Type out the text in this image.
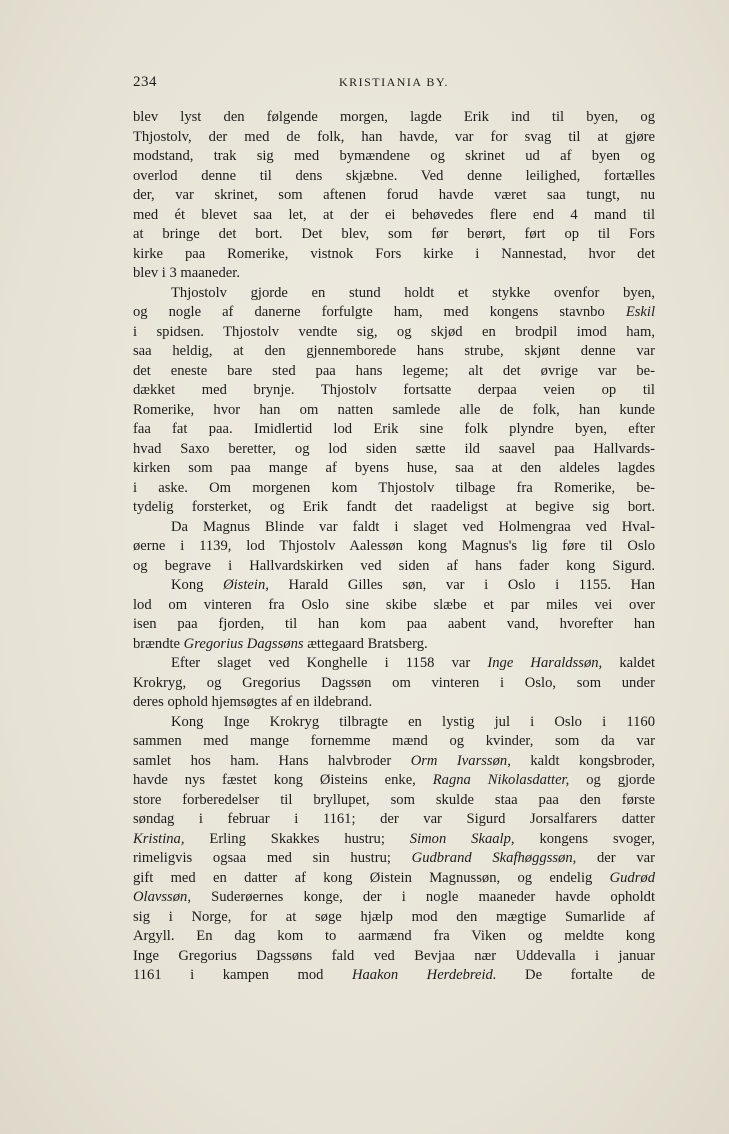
234	KRISTIANIA BY.
blev lyst den følgende morgen, lagde Erik ind til byen, og
Thjostolv, der med de folk, han havde, var for svag til at gjøre
modstand, trak sig med bymændene og skrinet ud af byen og
overlod denne til dens skjæbne. Ved denne leilighed, fortælles
der, var skrinet, som aftenen forud havde været saa tungt, nu
med ét blevet saa let, at der ei behøvedes flere end 4 mand til
at bringe det bort. Det blev, som før berørt, ført op til Fors
kirke paa Romerike, vistnok Fors kirke i Nannestad, hvor det
blev i 3 maaneder.
Thjostolv gjorde en stund holdt et stykke ovenfor byen,
og nogle af danerne forfulgte ham, med kongens stavnbo Eskil
i spidsen. Thjostolv vendte sig, og skjød en brodpil imod ham,
saa heldig, at den gjennemborede hans strube, skjønt denne var
det eneste bare sted paa hans legeme; alt det øvrige var be-
dækket med brynje. Thjostolv fortsatte derpaa veien op til
Romerike, hvor han om natten samlede alle de folk, han kunde
faa fat paa. Imidlertid lod Erik sine folk plyndre byen, efter
hvad Saxo beretter, og lod siden sætte ild saavel paa Hallvards-
kirken som paa mange af byens huse, saa at den aldeles lagdes
i aske. Om morgenen kom Thjostolv tilbage fra Romerike, be-
tydelig forsterket, og Erik fandt det raadeligst at begive sig bort.
Da Magnus Blinde var faldt i slaget ved Holmengraa ved Hval-
øerne i 1139, lod Thjostolv Aalessøn kong Magnus's lig føre til Oslo
og begrave i Hallvardskirken ved siden af hans fader kong Sigurd.
Kong Øistein, Harald Gilles søn, var i Oslo i 1155. Han
lod om vinteren fra Oslo sine skibe slæbe et par miles vei over
isen paa fjorden, til han kom paa aabent vand, hvorefter han
brændte Gregorius Dagssøns ættegaard Bratsberg.
Efter slaget ved Konghelle i 1158 var Inge Haraldssøn, kaldet
Krokryg, og Gregorius Dagssøn om vinteren i Oslo, som under
deres ophold hjemsøgtes af en ildebrand.
Kong Inge Krokryg tilbragte en lystig jul i Oslo i 1160
sammen med mange fornemme mænd og kvinder, som da var
samlet hos ham. Hans halvbroder Orm Ivarssøn, kaldt kongsbroder,
havde nys fæstet kong Øisteins enke, Ragna Nikolasdatter, og gjorde
store forberedelser til bryllupet, som skulde staa paa den første
søndag i februar i 1161; der var Sigurd Jorsalfarers datter
Kristina, Erling Skakkes hustru; Simon Skaalp, kongens svoger,
rimeligvis ogsaa med sin hustru; Gudbrand Skafhøggssøn, der var
gift med en datter af kong Øistein Magnussøn, og endelig Gudrød
Olavssøn, Suderøernes konge, der i nogle maaneder havde opholdt
sig i Norge, for at søge hjælp mod den mægtige Sumarlide af
Argyll. En dag kom to aarmænd fra Viken og meldte kong
Inge Gregorius Dagssøns fald ved Bevjaa nær Uddevalla i januar
1161 i kampen mod Haakon Herdebreid. De fortalte de
